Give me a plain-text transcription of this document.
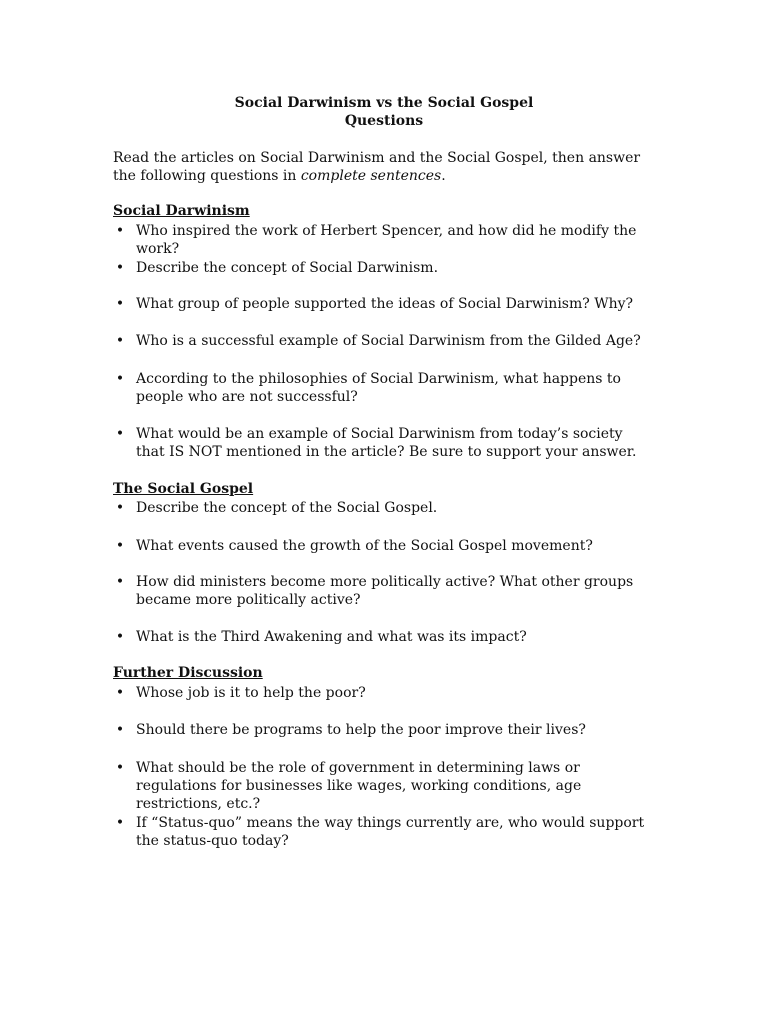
Social Darwinism vs the Social Gospel
Questions
Read the articles on Social Darwinism and the Social Gospel, then answer the following questions in complete sentences.
Social Darwinism
• Who inspired the work of Herbert Spencer, and how did he modify the work?
• Describe the concept of Social Darwinism.
• What group of people supported the ideas of Social Darwinism? Why?
• Who is a successful example of Social Darwinism from the Gilded Age?
• According to the philosophies of Social Darwinism, what happens to people who are not successful?
• What would be an example of Social Darwinism from today’s society that IS NOT mentioned in the article? Be sure to support your answer.
The Social Gospel
• Describe the concept of the Social Gospel.
• What events caused the growth of the Social Gospel movement?
• How did ministers become more politically active? What other groups became more politically active?
• What is the Third Awakening and what was its impact?
Further Discussion
• Whose job is it to help the poor?
• Should there be programs to help the poor improve their lives?
• What should be the role of government in determining laws or regulations for businesses like wages, working conditions, age restrictions, etc.?
• If “Status-quo” means the way things currently are, who would support the status-quo today?
